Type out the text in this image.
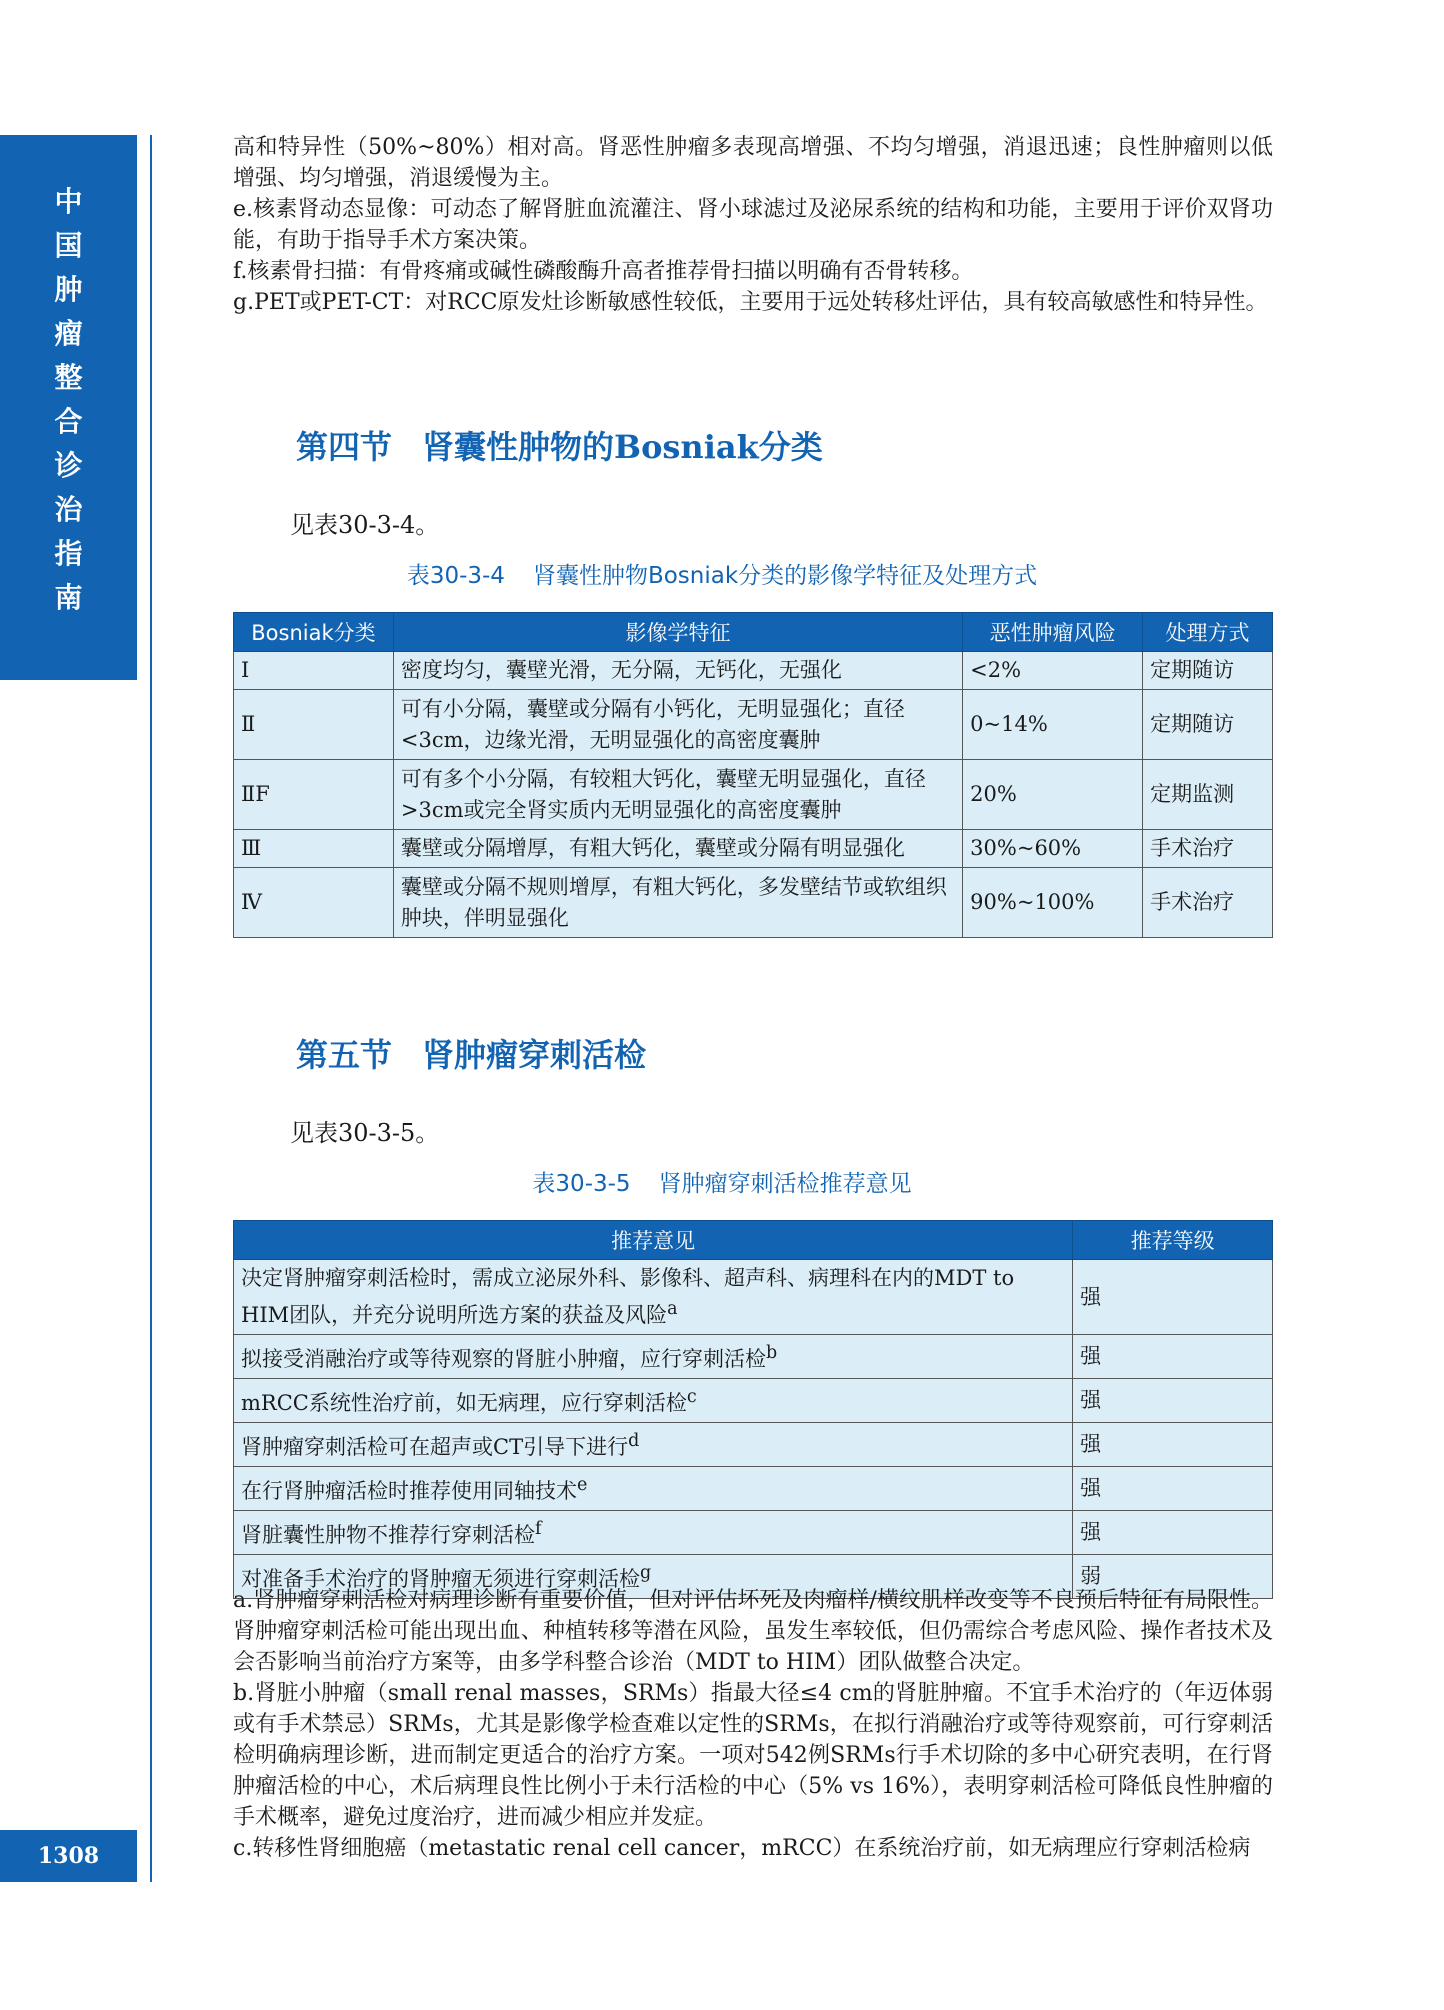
中
国
肿
瘤
整
合
诊
治
指
南
1308

高和特异性（50%~80%）相对高。肾恶性肿瘤多表现高增强、不均匀增强，消退迅速；良性肿瘤则以低增强、均匀增强，消退缓慢为主。

e.核素肾动态显像：可动态了解肾脏血流灌注、肾小球滤过及泌尿系统的结构和功能，主要用于评价双肾功能，有助于指导手术方案决策。

f.核素骨扫描：有骨疼痛或碱性磷酸酶升高者推荐骨扫描以明确有否骨转移。

g.PET或PET-CT：对RCC原发灶诊断敏感性较低，主要用于远处转移灶评估，具有较高敏感性和特异性。

第四节 肾囊性肿物的Bosniak分类
见表30-3-4。
表30-3-4 肾囊性肿物Bosniak分类的影像学特征及处理方式
Bosniak分类	影像学特征	恶性肿瘤风险	处理方式
Ⅰ	密度均匀，囊壁光滑，无分隔，无钙化，无强化	<2%	定期随访
Ⅱ	可有小分隔，囊壁或分隔有小钙化，无明显强化；直径<3cm，边缘光滑，无明显强化的高密度囊肿	0~14%	定期随访
ⅡF	可有多个小分隔，有较粗大钙化，囊壁无明显强化，直径>3cm或完全肾实质内无明显强化的高密度囊肿	20%	定期监测
Ⅲ	囊壁或分隔增厚，有粗大钙化，囊壁或分隔有明显强化	30%~60%	手术治疗
Ⅳ	囊壁或分隔不规则增厚，有粗大钙化，多发壁结节或软组织肿块，伴明显强化	90%~100%	手术治疗
第五节 肾肿瘤穿刺活检
见表30-3-5。
表30-3-5 肾肿瘤穿刺活检推荐意见
推荐意见	推荐等级
决定肾肿瘤穿刺活检时，需成立泌尿外科、影像科、超声科、病理科在内的MDT to HIM团队，并充分说明所选方案的获益及风险$^a$	强
拟接受消融治疗或等待观察的肾脏小肿瘤，应行穿刺活检$^b$	强
mRCC系统性治疗前，如无病理，应行穿刺活检$^c$	强
肾肿瘤穿刺活检可在超声或CT引导下进行$^d$	强
在行肾肿瘤活检时推荐使用同轴技术$^e$	强
肾脏囊性肿物不推荐行穿刺活检$^f$	强
对准备手术治疗的肾肿瘤无须进行穿刺活检$^g$	弱

a.肾肿瘤穿刺活检对病理诊断有重要价值，但对评估坏死及肉瘤样/横纹肌样改变等不良预后特征有局限性。肾肿瘤穿刺活检可能出现出血、种植转移等潜在风险，虽发生率较低，但仍需综合考虑风险、操作者技术及会否影响当前治疗方案等，由多学科整合诊治（MDT to HIM）团队做整合决定。

b.肾脏小肿瘤（small renal masses，SRMs）指最大径≤4 cm的肾脏肿瘤。不宜手术治疗的（年迈体弱或有手术禁忌）SRMs，尤其是影像学检查难以定性的SRMs，在拟行消融治疗或等待观察前，可行穿刺活检明确病理诊断，进而制定更适合的治疗方案。一项对542例SRMs行手术切除的多中心研究表明，在行肾肿瘤活检的中心，术后病理良性比例小于未行活检的中心（5% vs 16%），表明穿刺活检可降低良性肿瘤的手术概率，避免过度治疗，进而减少相应并发症。

c.转移性肾细胞癌（metastatic renal cell cancer，mRCC）在系统治疗前，如无病理应行穿刺活检病
